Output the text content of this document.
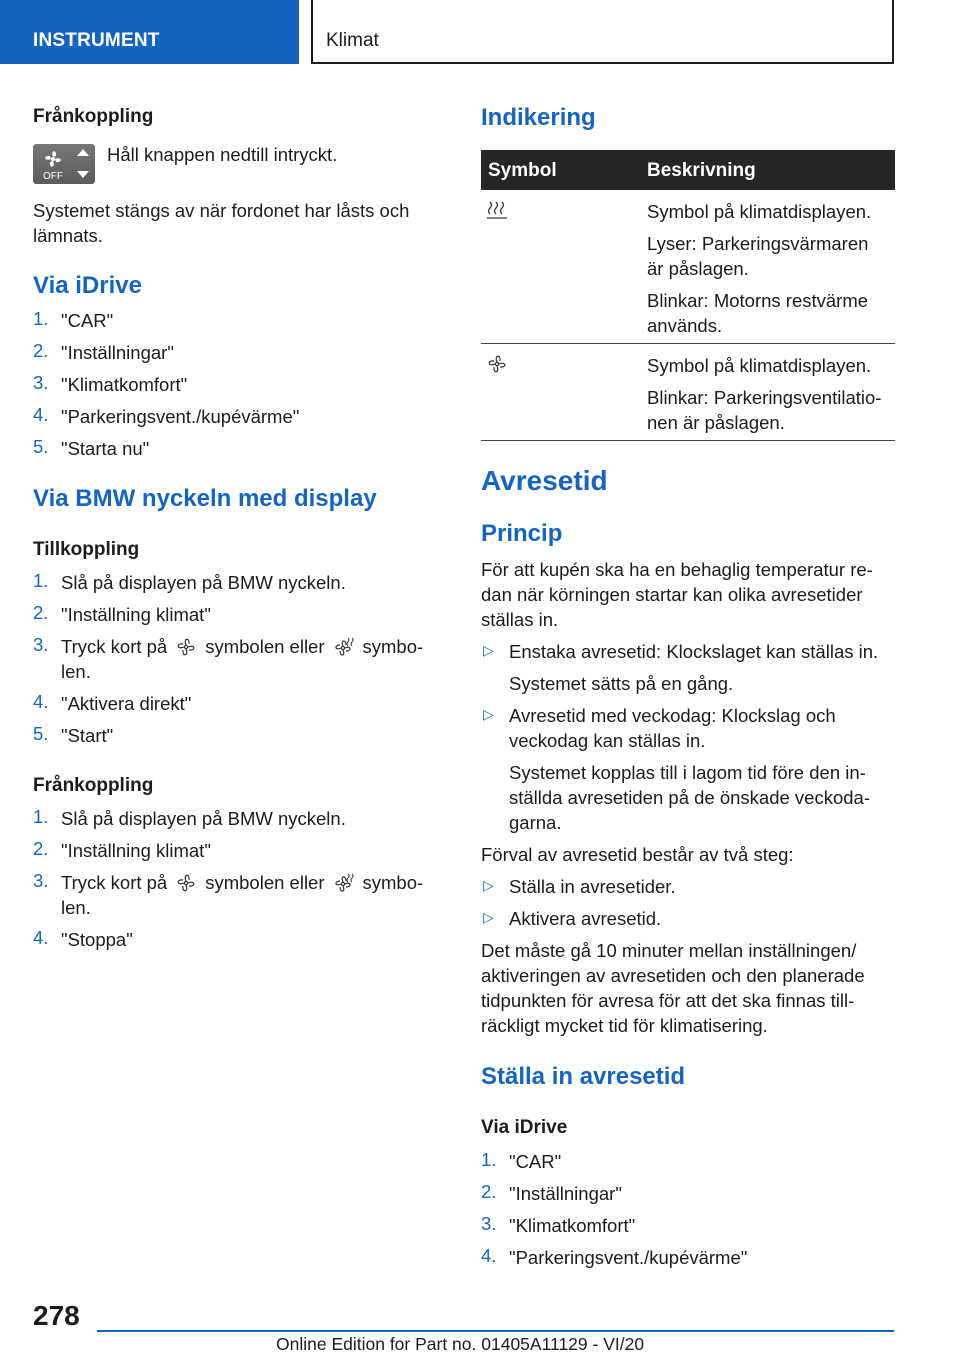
INSTRUMENT	Klimat
Frånkoppling
OFF
Håll knappen nedtill intryckt.
Systemet stängs av när fordonet har låsts och
lämnats.
Via iDrive
1. "CAR"
2. "Inställningar"
3. "Klimatkomfort"
4. "Parkeringsvent./kupévärme"
5. "Starta nu"
Via BMW nyckeln med display
Tillkoppling
1. Slå på displayen på BMW nyckeln.
2. "Inställning klimat"
3. Tryck kort på symbolen eller symbo-
len.
4. "Aktivera direkt"
5. "Start"
Frånkoppling
1. Slå på displayen på BMW nyckeln.
2. "Inställning klimat"
3. Tryck kort på symbolen eller symbo-
len.
4. "Stoppa"
Indikering
Symbol	Beskrivning
Symbol på klimatdisplayen.
Lyser: Parkeringsvärmaren
är påslagen.
Blinkar: Motorns restvärme
används.
Symbol på klimatdisplayen.
Blinkar: Parkeringsventilatio-
nen är påslagen.
Avresetid
Princip
För att kupén ska ha en behaglig temperatur re-
dan när körningen startar kan olika avresetider
ställas in.
▷ Enstaka avresetid: Klockslaget kan ställas in.
Systemet sätts på en gång.
▷ Avresetid med veckodag: Klockslag och
veckodag kan ställas in.
Systemet kopplas till i lagom tid före den in-
ställda avresetiden på de önskade veckoda-
garna.
Förval av avresetid består av två steg:
▷ Ställa in avresetider.
▷ Aktivera avresetid.
Det måste gå 10 minuter mellan inställningen/
aktiveringen av avresetiden och den planerade
tidpunkten för avresa för att det ska finnas till-
räckligt mycket tid för klimatisering.
Ställa in avresetid
Via iDrive
1. "CAR"
2. "Inställningar"
3. "Klimatkomfort"
4. "Parkeringsvent./kupévärme"
278
Online Edition for Part no. 01405A11129 - VI/20
